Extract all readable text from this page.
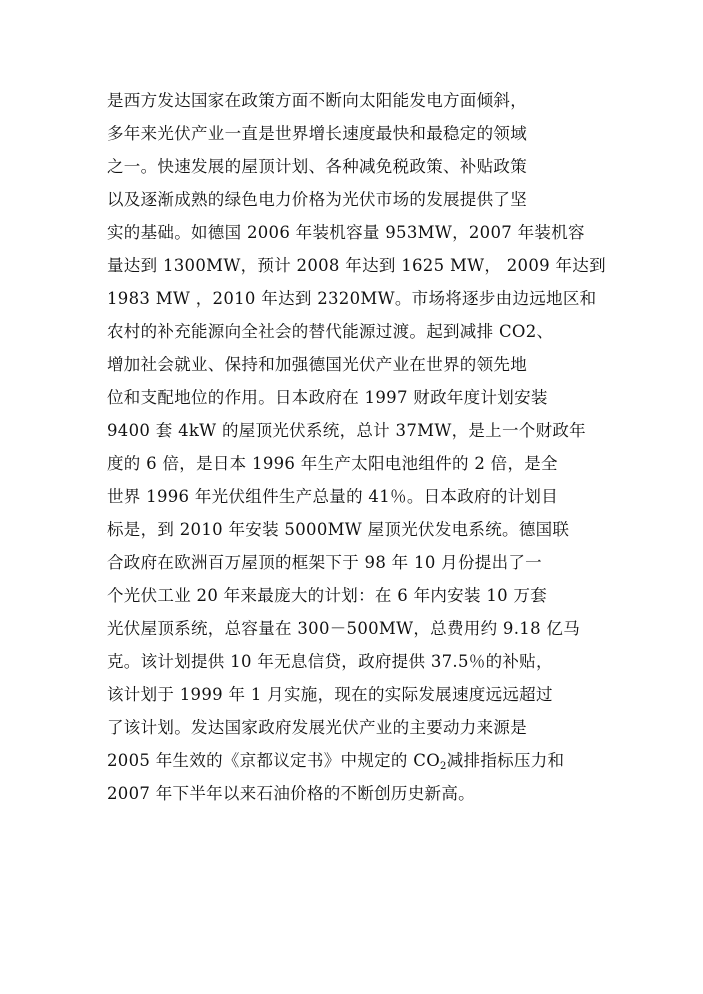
是西方发达国家在政策方面不断向太阳能发电方面倾斜，
多年来光伏产业一直是世界增长速度最快和最稳定的领域
之一。快速发展的屋顶计划、各种减免税政策、补贴政策
以及逐渐成熟的绿色电力价格为光伏市场的发展提供了坚
实的基础。如德国 2006 年装机容量 953MW，2007 年装机容
量达到 1300MW，预计 2008 年达到 1625 MW， 2009 年达到
1983 MW ，2010 年达到 2320MW。市场将逐步由边远地区和
农村的补充能源向全社会的替代能源过渡。起到减排 CO2、
增加社会就业、保持和加强德国光伏产业在世界的领先地
位和支配地位的作用。日本政府在 1997 财政年度计划安装
9400 套 4kW 的屋顶光伏系统，总计 37MW，是上一个财政年
度的 6 倍，是日本 1996 年生产太阳电池组件的 2 倍，是全
世界 1996 年光伏组件生产总量的 41％。日本政府的计划目
标是，到 2010 年安装 5000MW 屋顶光伏发电系统。德国联
合政府在欧洲百万屋顶的框架下于 98 年 10 月份提出了一
个光伏工业 20 年来最庞大的计划：在 6 年内安装 10 万套
光伏屋顶系统，总容量在 300－500MW，总费用约 9.18 亿马
克。该计划提供 10 年无息信贷，政府提供 37.5％的补贴，
该计划于 1999 年 1 月实施，现在的实际发展速度远远超过
了该计划。发达国家政府发展光伏产业的主要动力来源是
2005 年生效的《京都议定书》中规定的 $CO_2$减排指标压力和
2007 年下半年以来石油价格的不断创历史新高。
